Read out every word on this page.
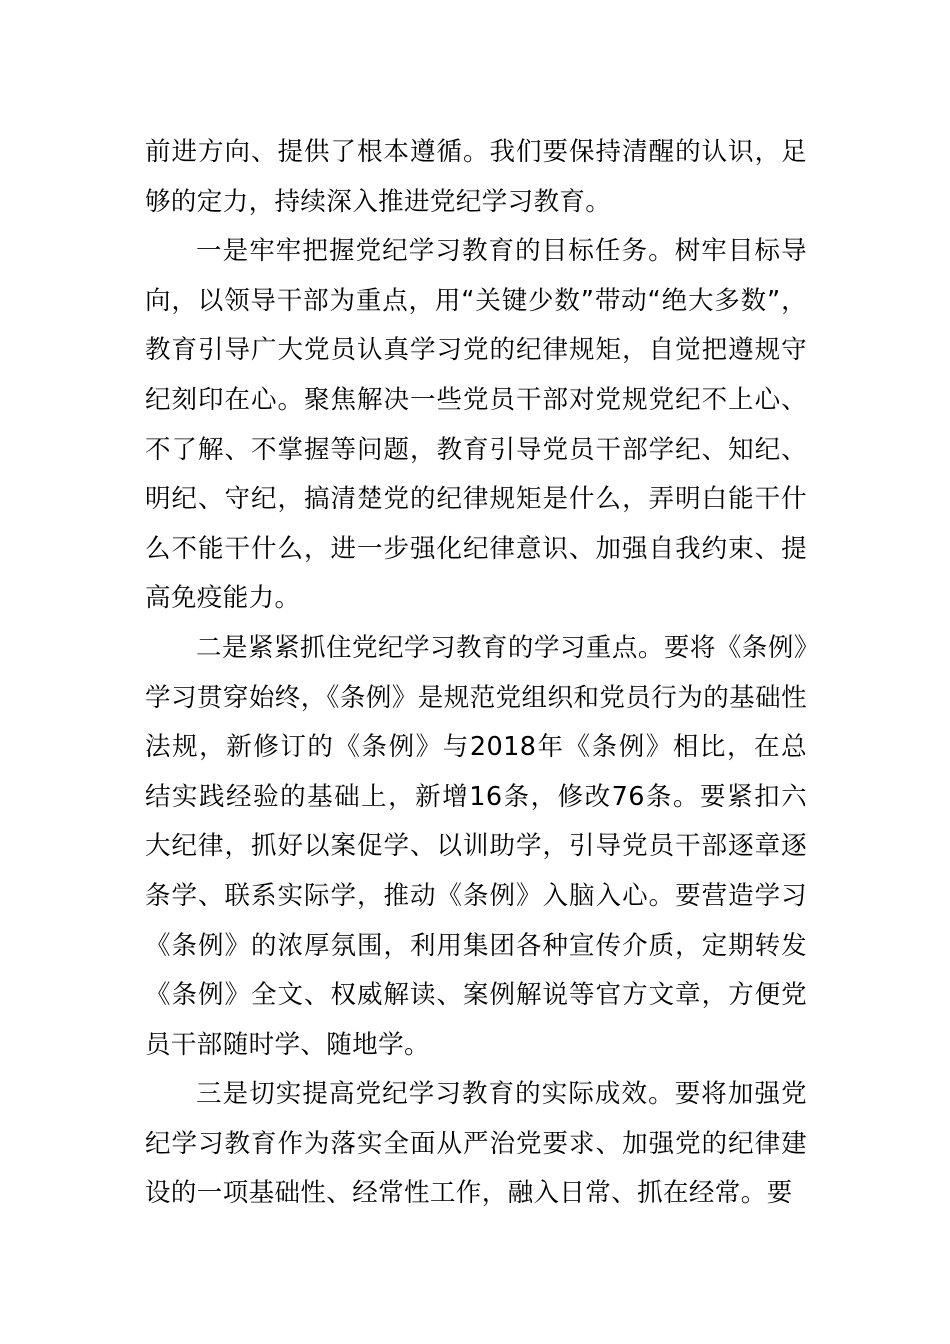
前进方向、提供了根本遵循。我们要保持清醒的认识，足够的定力，持续深入推进党纪学习教育。

一是牢牢把握党纪学习教育的目标任务。树牢目标导向，以领导干部为重点，用“关键少数”带动“绝大多数”，教育引导广大党员认真学习党的纪律规矩，自觉把遵规守纪刻印在心。聚焦解决一些党员干部对党规党纪不上心、不了解、不掌握等问题，教育引导党员干部学纪、知纪、明纪、守纪，搞清楚党的纪律规矩是什么，弄明白能干什么不能干什么，进一步强化纪律意识、加强自我约束、提高免疫能力。

二是紧紧抓住党纪学习教育的学习重点。要将《条例》学习贯穿始终，《条例》是规范党组织和党员行为的基础性法规，新修订的《条例》与2018年《条例》相比，在总结实践经验的基础上，新增16条，修改76条。要紧扣六大纪律，抓好以案促学、以训助学，引导党员干部逐章逐条学、联系实际学，推动《条例》入脑入心。要营造学习《条例》的浓厚氛围，利用集团各种宣传介质，定期转发《条例》全文、权威解读、案例解说等官方文章，方便党员干部随时学、随地学。

三是切实提高党纪学习教育的实际成效。要将加强党纪学习教育作为落实全面从严治党要求、加强党的纪律建设的一项基础性、经常性工作，融入日常、抓在经常。要
